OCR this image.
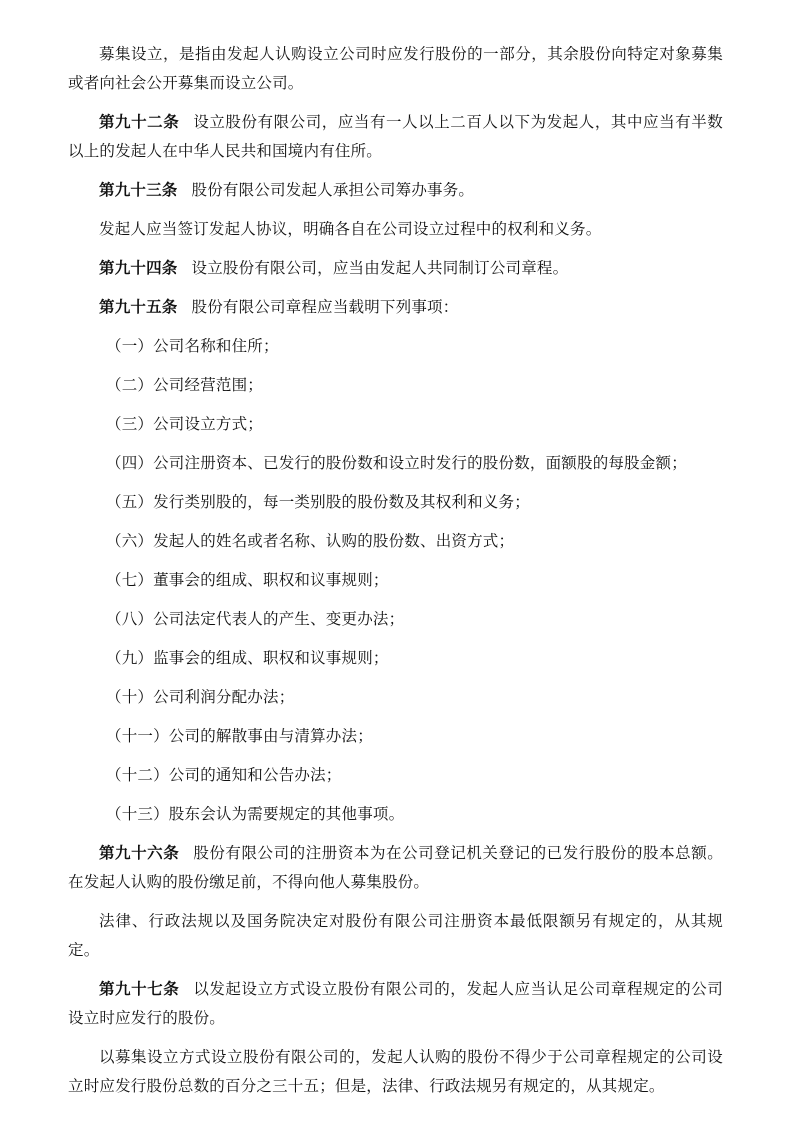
募集设立，是指由发起人认购设立公司时应发行股份的一部分，其余股份向特定对象募集或者向社会公开募集而设立公司。

第九十二条 设立股份有限公司，应当有一人以上二百人以下为发起人，其中应当有半数以上的发起人在中华人民共和国境内有住所。

第九十三条 股份有限公司发起人承担公司筹办事务。

发起人应当签订发起人协议，明确各自在公司设立过程中的权利和义务。

第九十四条 设立股份有限公司，应当由发起人共同制订公司章程。

第九十五条 股份有限公司章程应当载明下列事项：

（一）公司名称和住所；

（二）公司经营范围；

（三）公司设立方式；

（四）公司注册资本、已发行的股份数和设立时发行的股份数，面额股的每股金额；

（五）发行类别股的，每一类别股的股份数及其权利和义务；

（六）发起人的姓名或者名称、认购的股份数、出资方式；

（七）董事会的组成、职权和议事规则；

（八）公司法定代表人的产生、变更办法；

（九）监事会的组成、职权和议事规则；

（十）公司利润分配办法；

（十一）公司的解散事由与清算办法；

（十二）公司的通知和公告办法；

（十三）股东会认为需要规定的其他事项。

第九十六条 股份有限公司的注册资本为在公司登记机关登记的已发行股份的股本总额。在发起人认购的股份缴足前，不得向他人募集股份。

法律、行政法规以及国务院决定对股份有限公司注册资本最低限额另有规定的，从其规定。

第九十七条 以发起设立方式设立股份有限公司的，发起人应当认足公司章程规定的公司设立时应发行的股份。

以募集设立方式设立股份有限公司的，发起人认购的股份不得少于公司章程规定的公司设立时应发行股份总数的百分之三十五；但是，法律、行政法规另有规定的，从其规定。
